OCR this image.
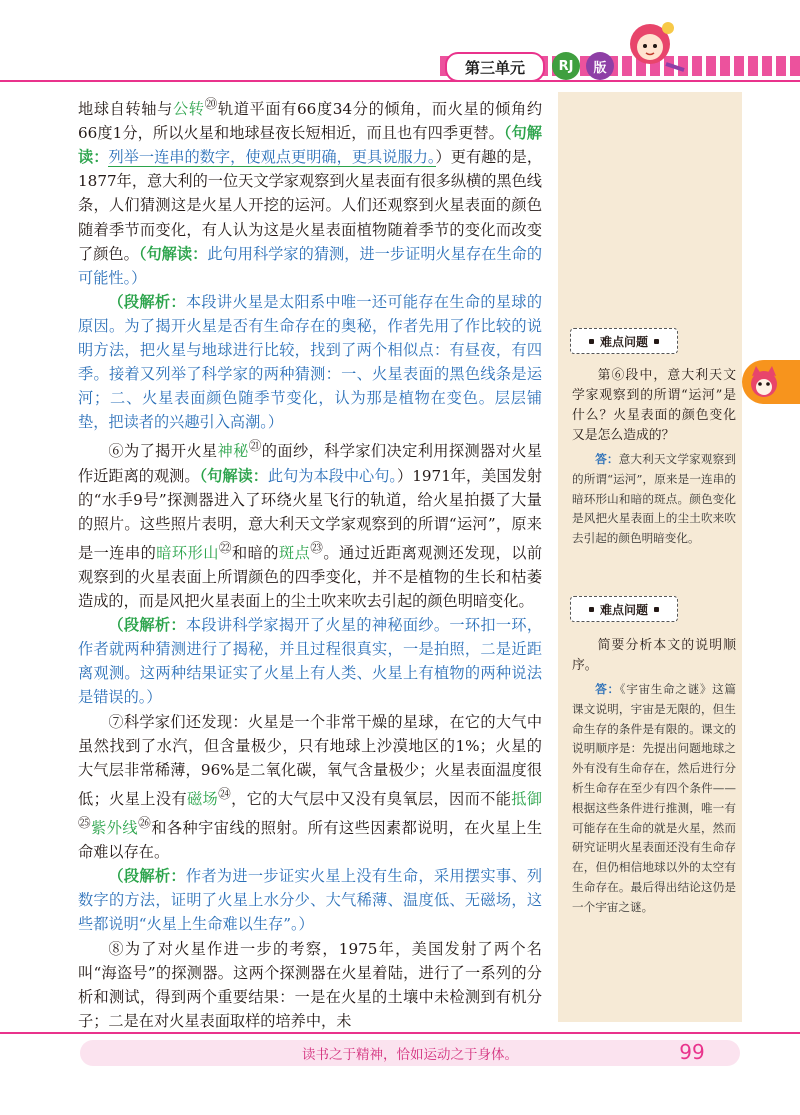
第三单元	RJ	版

地球自转轴与公转⑳轨道平面有66度34分的倾角，而火星的倾角约66度1分，所以火星和地球昼夜长短相近，而且也有四季更替。（句解读：列举一连串的数字，使观点更明确，更具说服力。）更有趣的是，1877年，意大利的一位天文学家观察到火星表面有很多纵横的黑色线条，人们猜测这是火星人开挖的运河。人们还观察到火星表面的颜色随着季节而变化，有人认为这是火星表面植物随着季节的变化而改变了颜色。（句解读：此句用科学家的猜测，进一步证明火星存在生命的可能性。）

（段解析：本段讲火星是太阳系中唯一还可能存在生命的星球的原因。为了揭开火星是否有生命存在的奥秘，作者先用了作比较的说明方法，把火星与地球进行比较，找到了两个相似点：有昼夜，有四季。接着又列举了科学家的两种猜测：一、火星表面的黑色线条是运河；二、火星表面颜色随季节变化，认为那是植物在变色。层层铺垫，把读者的兴趣引入高潮。）

⑥为了揭开火星神秘$^㉑$的面纱，科学家们决定利用探测器对火星作近距离的观测。（句解读：此句为本段中心句。）1971年，美国发射的“水手9号”探测器进入了环绕火星飞行的轨道，给火星拍摄了大量的照片。这些照片表明，意大利天文学家观察到的所谓“运河”，原来是一连串的暗环形山$^㉒$和暗的斑点$^㉓$。通过近距离观测还发现，以前观察到的火星表面上所谓颜色的四季变化，并不是植物的生长和枯萎造成的，而是风把火星表面上的尘土吹来吹去引起的颜色明暗变化。

（段解析：本段讲科学家揭开了火星的神秘面纱。一环扣一环，作者就两种猜测进行了揭秘，并且过程很真实，一是拍照，二是近距离观测。这两种结果证实了火星上有人类、火星上有植物的两种说法是错误的。）

⑦科学家们还发现：火星是一个非常干燥的星球，在它的大气中虽然找到了水汽，但含量极少，只有地球上沙漠地区的1%；火星的大气层非常稀薄，96%是二氧化碳，氧气含量极少；火星表面温度很低；火星上没有磁场$^㉔$，它的大气层中又没有臭氧层，因而不能抵御$^㉕$紫外线$^㉖$和各种宇宙线的照射。所有这些因素都说明，在火星上生命难以存在。

（段解析：作者为进一步证实火星上没有生命，采用摆实事、列数字的方法，证明了火星上水分少、大气稀薄、温度低、无磁场，这些都说明“火星上生命难以生存”。）

⑧为了对火星作进一步的考察，1975年，美国发射了两个名叫“海盗号”的探测器。这两个探测器在火星着陆，进行了一系列的分析和测试，得到两个重要结果：一是在火星的土壤中未检测到有机分子；二是在对火星表面取样的培养中，未

难点问题

第⑥段中，意大利天文学家观察到的所谓“运河”是什么？火星表面的颜色变化又是怎么造成的？

答：意大利天文学家观察到的所谓“运河”，原来是一连串的暗环形山和暗的斑点。颜色变化是风把火星表面上的尘土吹来吹去引起的颜色明暗变化。

难点问题

简要分析本文的说明顺序。

答：《宇宙生命之谜》这篇课文说明，宇宙是无限的，但生命生存的条件是有限的。课文的说明顺序是：先提出问题地球之外有没有生命存在，然后进行分析生命存在至少有四个条件——根据这些条件进行推测，唯一有可能存在生命的就是火星，然而研究证明火星表面还没有生命存在，但仍相信地球以外的太空有生命存在。最后得出结论这仍是一个宇宙之谜。

读书之于精神，恰如运动之于身体。	99
